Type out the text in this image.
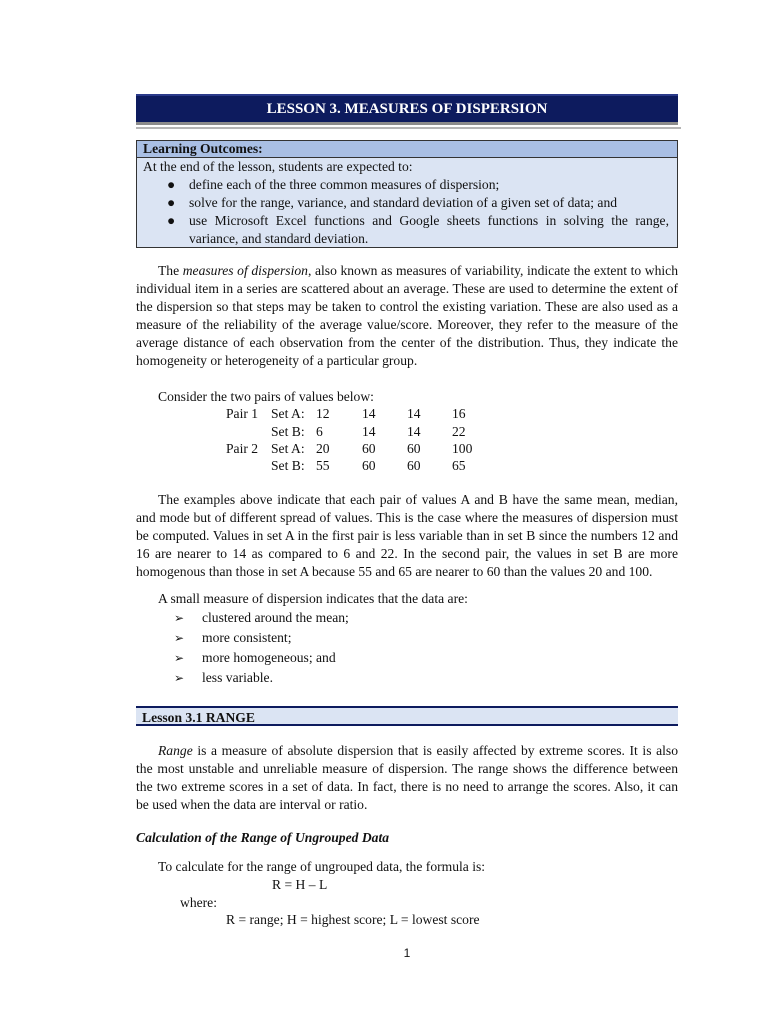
LESSON 3. MEASURES OF DISPERSION
Learning Outcomes:
At the end of the lesson, students are expected to:
● define each of the three common measures of dispersion;
● solve for the range, variance, and standard deviation of a given set of data; and
● use Microsoft Excel functions and Google sheets functions in solving the range, variance, and standard deviation.

The measures of dispersion, also known as measures of variability, indicate the extent to which individual item in a series are scattered about an average. These are used to determine the extent of the dispersion so that steps may be taken to control the existing variation. These are also used as a measure of the reliability of the average value/score. Moreover, they refer to the measure of the average distance of each observation from the center of the distribution. Thus, they indicate the homogeneity or heterogeneity of a particular group.

Consider the two pairs of values below:
Pair 1 Set A: 12 14 14 16
Set B: 6	14 14 22
Pair 2 Set A: 20 60 60 100
Set B: 55 60 60 65

The examples above indicate that each pair of values A and B have the same mean, median, and mode but of different spread of values. This is the case where the measures of dispersion must be computed. Values in set A in the first pair is less variable than in set B since the numbers 12 and 16 are nearer to 14 as compared to 6 and 22. In the second pair, the values in set B are more homogenous than those in set A because 55 and 65 are nearer to 60 than the values 20 and 100.

A small measure of dispersion indicates that the data are:
➢ clustered around the mean;
➢ more consistent;
➢ more homogeneous; and
➢ less variable.
Lesson 3.1 RANGE

Range is a measure of absolute dispersion that is easily affected by extreme scores. It is also the most unstable and unreliable measure of dispersion. The range shows the difference between the two extreme scores in a set of data. In fact, there is no need to arrange the scores. Also, it can be used when the data are interval or ratio.

Calculation of the Range of Ungrouped Data
To calculate for the range of ungrouped data, the formula is:
R = H – L
where:
R = range; H = highest score; L = lowest score
1
